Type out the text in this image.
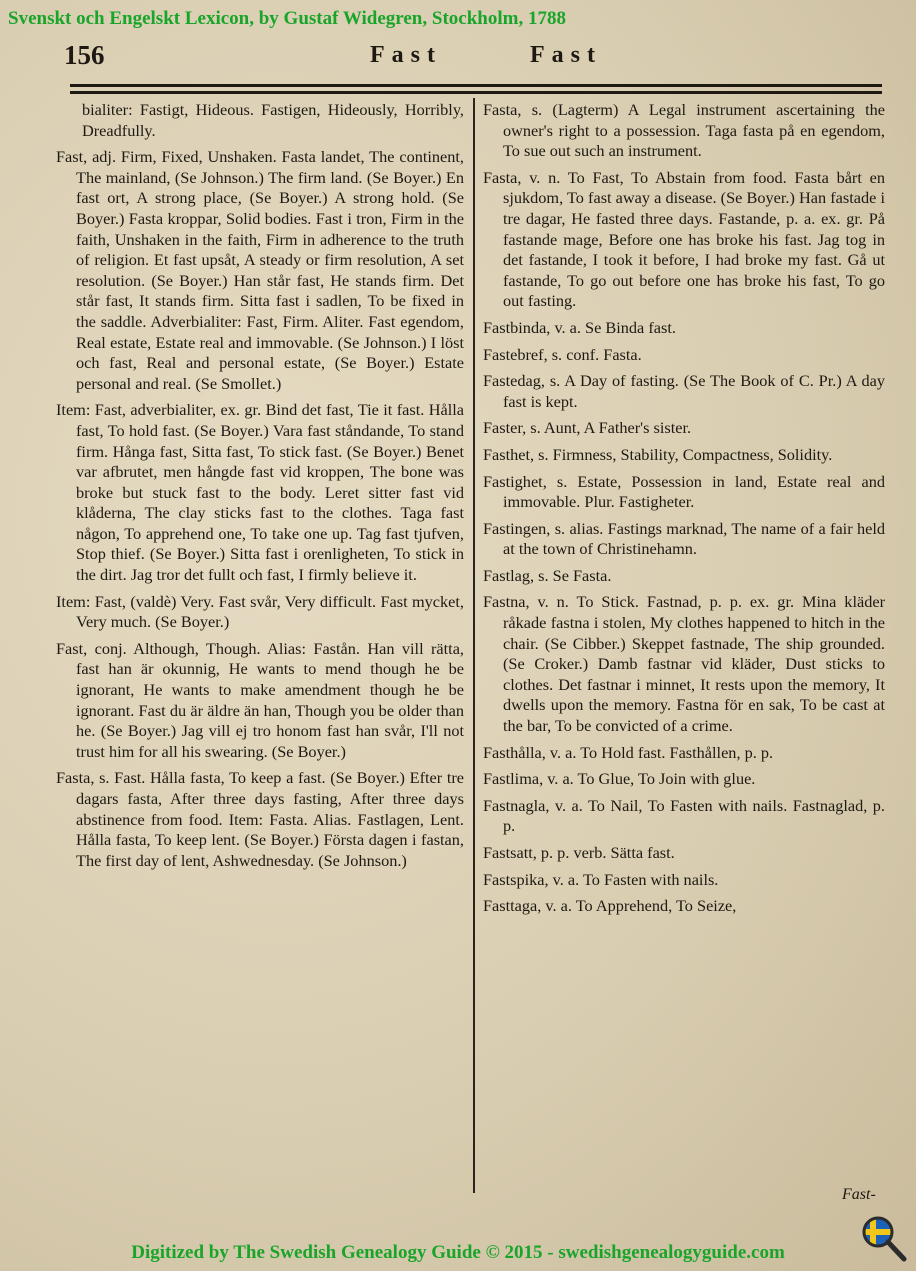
Svenskt och Engelskt Lexicon, by Gustaf Widegren, Stockholm, 1788
156	Fast	Fast

bialiter: Fastigt, Hideous. Fastigen, Hideously, Horribly, Dreadfully.

Fast, adj. Firm, Fixed, Unshaken. Fasta landet, The continent, The mainland, (Se Johnson.) The firm land. (Se Boyer.) En fast ort, A strong place, (Se Boyer.) A strong hold. (Se Boyer.) Fasta kroppar, Solid bodies. Fast i tron, Firm in the faith, Unshaken in the faith, Firm in adherence to the truth of religion. Et fast upsåt, A steady or firm resolution, A set resolution. (Se Boyer.) Han står fast, He stands firm. Det står fast, It stands firm. Sitta fast i sadlen, To be fixed in the saddle. Adverbialiter: Fast, Firm. Aliter. Fast egendom, Real estate, Estate real and immovable. (Se Johnson.) I löst och fast, Real and personal estate, (Se Boyer.) Estate personal and real. (Se Smollet.)

Item: Fast, adverbialiter, ex. gr. Bind det fast, Tie it fast. Hålla fast, To hold fast. (Se Boyer.) Vara fast ståndande, To stand firm. Hånga fast, Sitta fast, To stick fast. (Se Boyer.) Benet var afbrutet, men hångde fast vid kroppen, The bone was broke but stuck fast to the body. Leret sitter fast vid klåderna, The clay sticks fast to the clothes. Taga fast någon, To apprehend one, To take one up. Tag fast tjufven, Stop thief. (Se Boyer.) Sitta fast i orenligheten, To stick in the dirt. Jag tror det fullt och fast, I firmly believe it.

Item: Fast, (valdè) Very. Fast svår, Very difficult. Fast mycket, Very much. (Se Boyer.)

Fast, conj. Although, Though. Alias: Fastån. Han vill rätta, fast han är okunnig, He wants to mend though he be ignorant, He wants to make amendment though he be ignorant. Fast du är äldre än han, Though you be older than he. (Se Boyer.) Jag vill ej tro honom fast han svår, I'll not trust him for all his swearing. (Se Boyer.)

Fasta, s. Fast. Hålla fasta, To keep a fast. (Se Boyer.) Efter tre dagars fasta, After three days fasting, After three days abstinence from food. Item: Fasta. Alias. Fastlagen, Lent. Hålla fasta, To keep lent. (Se Boyer.) Första dagen i fastan, The first day of lent, Ashwednesday. (Se Johnson.)

Fasta, s. (Lagterm) A Legal instrument ascertaining the owner's right to a possession. Taga fasta på en egendom, To sue out such an instrument.

Fasta, v. n. To Fast, To Abstain from food. Fasta bårt en sjukdom, To fast away a disease. (Se Boyer.) Han fastade i tre dagar, He fasted three days. Fastande, p. a. ex. gr. På fastande mage, Before one has broke his fast. Jag tog in det fastande, I took it before, I had broke my fast. Gå ut fastande, To go out before one has broke his fast, To go out fasting.

Fastbinda, v. a. Se Binda fast.

Fastebref, s. conf. Fasta.

Fastedag, s. A Day of fasting. (Se The Book of C. Pr.) A day fast is kept.

Faster, s. Aunt, A Father's sister.

Fasthet, s. Firmness, Stability, Compactness, Solidity.

Fastighet, s. Estate, Possession in land, Estate real and immovable. Plur. Fastigheter.

Fastingen, s. alias. Fastings marknad, The name of a fair held at the town of Christinehamn.

Fastlag, s. Se Fasta.

Fastna, v. n. To Stick. Fastnad, p. p. ex. gr. Mina kläder råkade fastna i stolen, My clothes happened to hitch in the chair. (Se Cibber.) Skeppet fastnade, The ship grounded. (Se Croker.) Damb fastnar vid kläder, Dust sticks to clothes. Det fastnar i minnet, It rests upon the memory, It dwells upon the memory. Fastna för en sak, To be cast at the bar, To be convicted of a crime.

Fasthålla, v. a. To Hold fast. Fasthållen, p. p.

Fastlima, v. a. To Glue, To Join with glue.

Fastnagla, v. a. To Nail, To Fasten with nails. Fastnaglad, p. p.

Fastsatt, p. p. verb. Sätta fast.

Fastspika, v. a. To Fasten with nails.

Fasttaga, v. a. To Apprehend, To Seize,

Fast-
Digitized by The Swedish Genealogy Guide © 2015 - swedishgenealogyguide.com
